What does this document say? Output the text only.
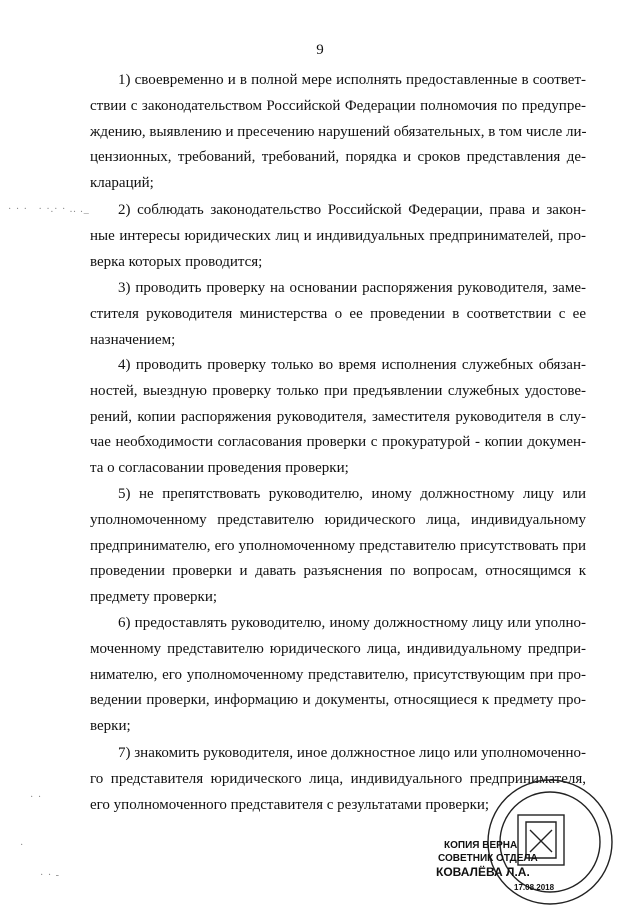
9
· · ·   · ·.· · .. ._
· ·
·
· · -
1) своевременно и в полной мере исполнять предоставленные в соответ-
ствии с законодательством Российской Федерации полномочия по предупре-
ждению, выявлению и пресечению нарушений обязательных, в том числе ли-
цензионных, требований, требований, порядка и сроков представления де-
клараций;
2) соблюдать законодательство Российской Федерации, права и закон-
ные интересы юридических лиц и индивидуальных предпринимателей, про-
верка которых проводится;
3) проводить проверку на основании распоряжения руководителя, заме-
стителя руководителя министерства о ее проведении в соответствии с ее
назначением;
4) проводить проверку только во время исполнения служебных обязан-
ностей, выездную проверку только при предъявлении служебных удостове-
рений, копии распоряжения руководителя, заместителя руководителя в слу-
чае необходимости согласования проверки с прокуратурой - копии докумен-
та о согласовании проведения проверки;
5) не препятствовать руководителю, иному должностному лицу или
уполномоченному представителю юридического лица, индивидуальному
предпринимателю, его уполномоченному представителю присутствовать при
проведении проверки и давать разъяснения по вопросам, относящимся к
предмету проверки;
6) предоставлять руководителю, иному должностному лицу или уполно-
моченному представителю юридического лица, индивидуальному предпри-
нимателю, его уполномоченному представителю, присутствующим при про-
ведении проверки, информацию и документы, относящиеся к предмету про-
верки;
7) знакомить руководителя, иное должностное лицо или уполномоченно-
го представителя юридического лица, индивидуального предпринимателя,
его уполномоченного представителя с результатами проверки;
КОПИЯ ВЕРНА
СОВЕТНИК ОТДЕЛА
КОВАЛЁВА Л.А.
17.08.2018
